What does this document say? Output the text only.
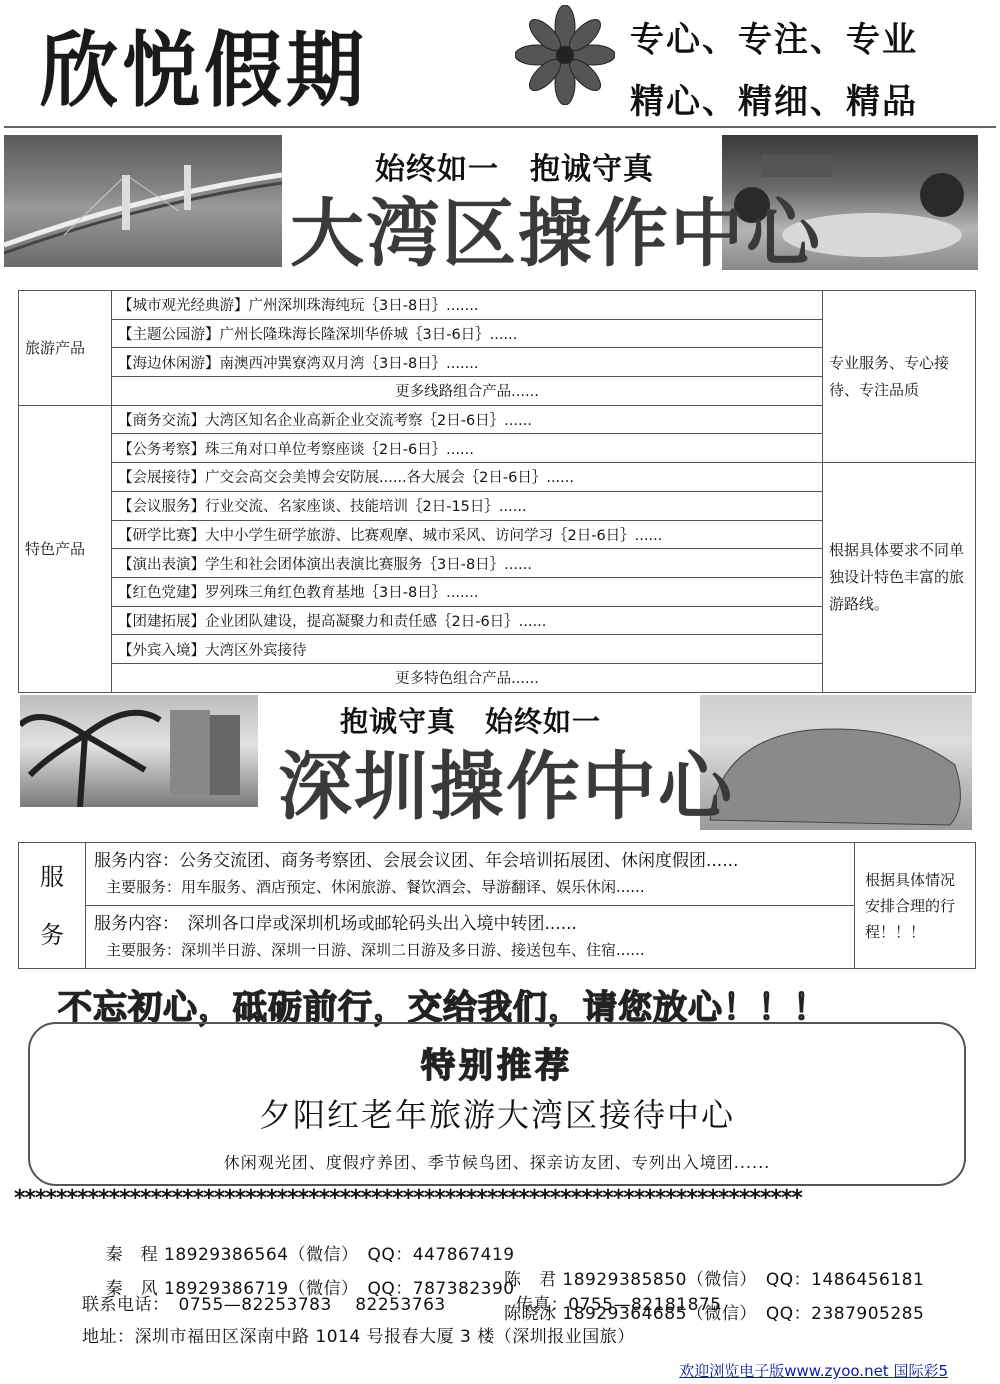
欣悦假期	专心、专注、专业
精心、精细、精品
始终如一　抱诚守真
大湾区操作中心
旅游产品	【城市观光经典游】广州深圳珠海纯玩｛3日-8日｝.......	专业服务、专心接待、专注品质
	【主题公园游】广州长隆珠海长隆深圳华侨城｛3日-6日｝......	
	【海边休闲游】南澳西冲巽寮湾双月湾｛3日-8日｝.......	
	更多线路组合产品......	
特色产品	【商务交流】大湾区知名企业高新企业交流考察｛2日-6日｝......	
	【公务考察】珠三角对口单位考察座谈｛2日-6日｝......	
	【会展接待】广交会高交会美博会安防展......各大展会｛2日-6日｝......	根据具体要求不同单独设计特色丰富的旅游路线。
	【会议服务】行业交流、名家座谈、技能培训｛2日-15日｝......	
	【研学比赛】大中小学生研学旅游、比赛观摩、城市采风、访问学习｛2日-6日｝......	
	【演出表演】学生和社会团体演出表演比赛服务｛3日-8日｝......	
	【红色党建】罗列珠三角红色教育基地｛3日-8日｝.......	
	【团建拓展】企业团队建设，提高凝聚力和责任感｛2日-6日｝......	
	【外宾入境】大湾区外宾接待	
	更多特色组合产品......	
抱诚守真　始终如一
深圳操作中心
服
务

服务内容：公务交流团、商务考察团、会展会议团、年会培训拓展团、休闲度假团......
主要服务：用车服务、酒店预定、休闲旅游、餐饮酒会、导游翻译、娱乐休闲......	根据具体情况安排合理的行程！！！

服务内容：　深圳各口岸或深圳机场或邮轮码头出入境中转团......
主要服务：深圳半日游、深圳一日游、深圳二日游及多日游、接送包车、住宿......
不忘初心，砥砺前行，交给我们，请您放心！！！
特别推荐
夕阳红老年旅游大湾区接待中心
休闲观光团、度假疗养团、季节候鸟团、探亲访友团、专列出入境团......
***************************************************************************

秦　程 18929386564（微信）　QQ：447867419

陈　君 18929385850（微信）　QQ：1486456181

秦　风 18929386719（微信）　QQ：787382390

陈晓冰 18929364685（微信）　QQ：2387905285

联系电话：　0755—82253783　 82253763　　　　传真：0755—82181875
地址：深圳市福田区深南中路 1014 号报春大厦 3 楼（深圳报业国旅）
欢迎浏览电子版www.zyoo.net 国际彩5
